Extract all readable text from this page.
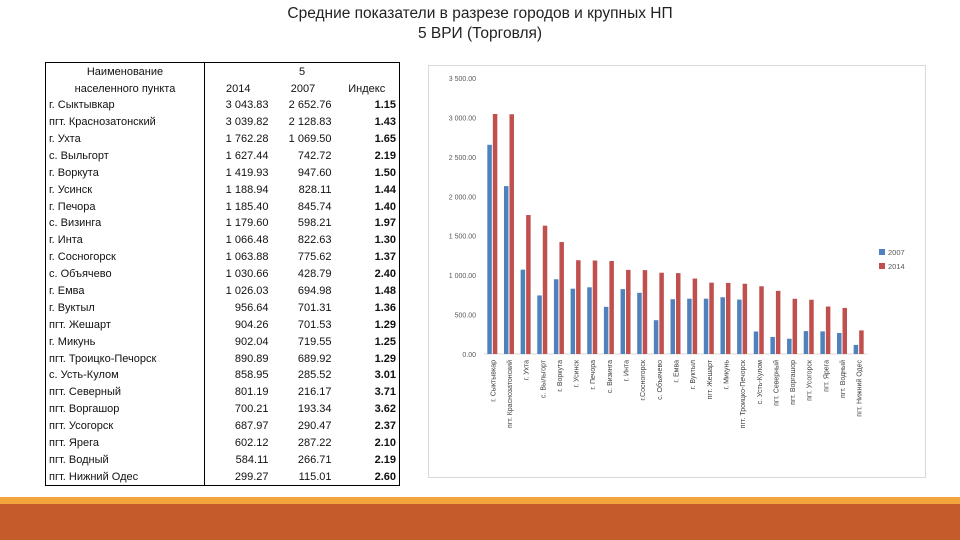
Средние показатели в разрезе городов и крупных НП
5 ВРИ (Торговля)
Наименование	5		
населенного пункта	2014	2007	Индекс
г. Сыктывкар	3 043.83	2 652.76	1.15
пгт. Краснозатонский	3 039.82	2 128.83	1.43
г. Ухта	1 762.28	1 069.50	1.65
с. Выльгорт	1 627.44	742.72	2.19
г. Воркута	1 419.93	947.60	1.50
г. Усинск	1 188.94	828.11	1.44
г. Печора	1 185.40	845.74	1.40
с. Визинга	1 179.60	598.21	1.97
г. Инта	1 066.48	822.63	1.30
г. Сосногорск	1 063.88	775.62	1.37
с. Объячево	1 030.66	428.79	2.40
г. Емва	1 026.03	694.98	1.48
г. Вуктыл	956.64	701.31	1.36
пгт. Жешарт	904.26	701.53	1.29
г. Микунь	902.04	719.55	1.25
пгт. Троицко-Печорск	890.89	689.92	1.29
с. Усть-Кулом	858.95	285.52	3.01
пгт. Северный	801.19	216.17	3.71
пгт. Воргашор	700.21	193.34	3.62
пгт. Усогорск	687.97	290.47	2.37
пгт. Ярега	602.12	287.22	2.10
пгт. Водный	584.11	266.71	2.19
пгт. Нижний Одес	299.27	115.01	2.60
0.00
500.00
1 000.00
1 500.00
2 000.00
2 500.00
3 000.00
3 500.00
г. Сыктывкар пгт. Краснозатонский г. Ухта с. Выльгорт г. Воркута г. Усинск г. Печора с. Визинга г. Инта г.Сосногорск с. Объячево г. Емва г. Вуктыл пгт. Жешарт г. Микунь пгт. Троицко-Печорск с. Усть-Кулом пгт. Северный пгт. Воргашор пгт. Усогорск пгт. Ярега пгт. Водный пгт. Нижний Одес
2007
2014
